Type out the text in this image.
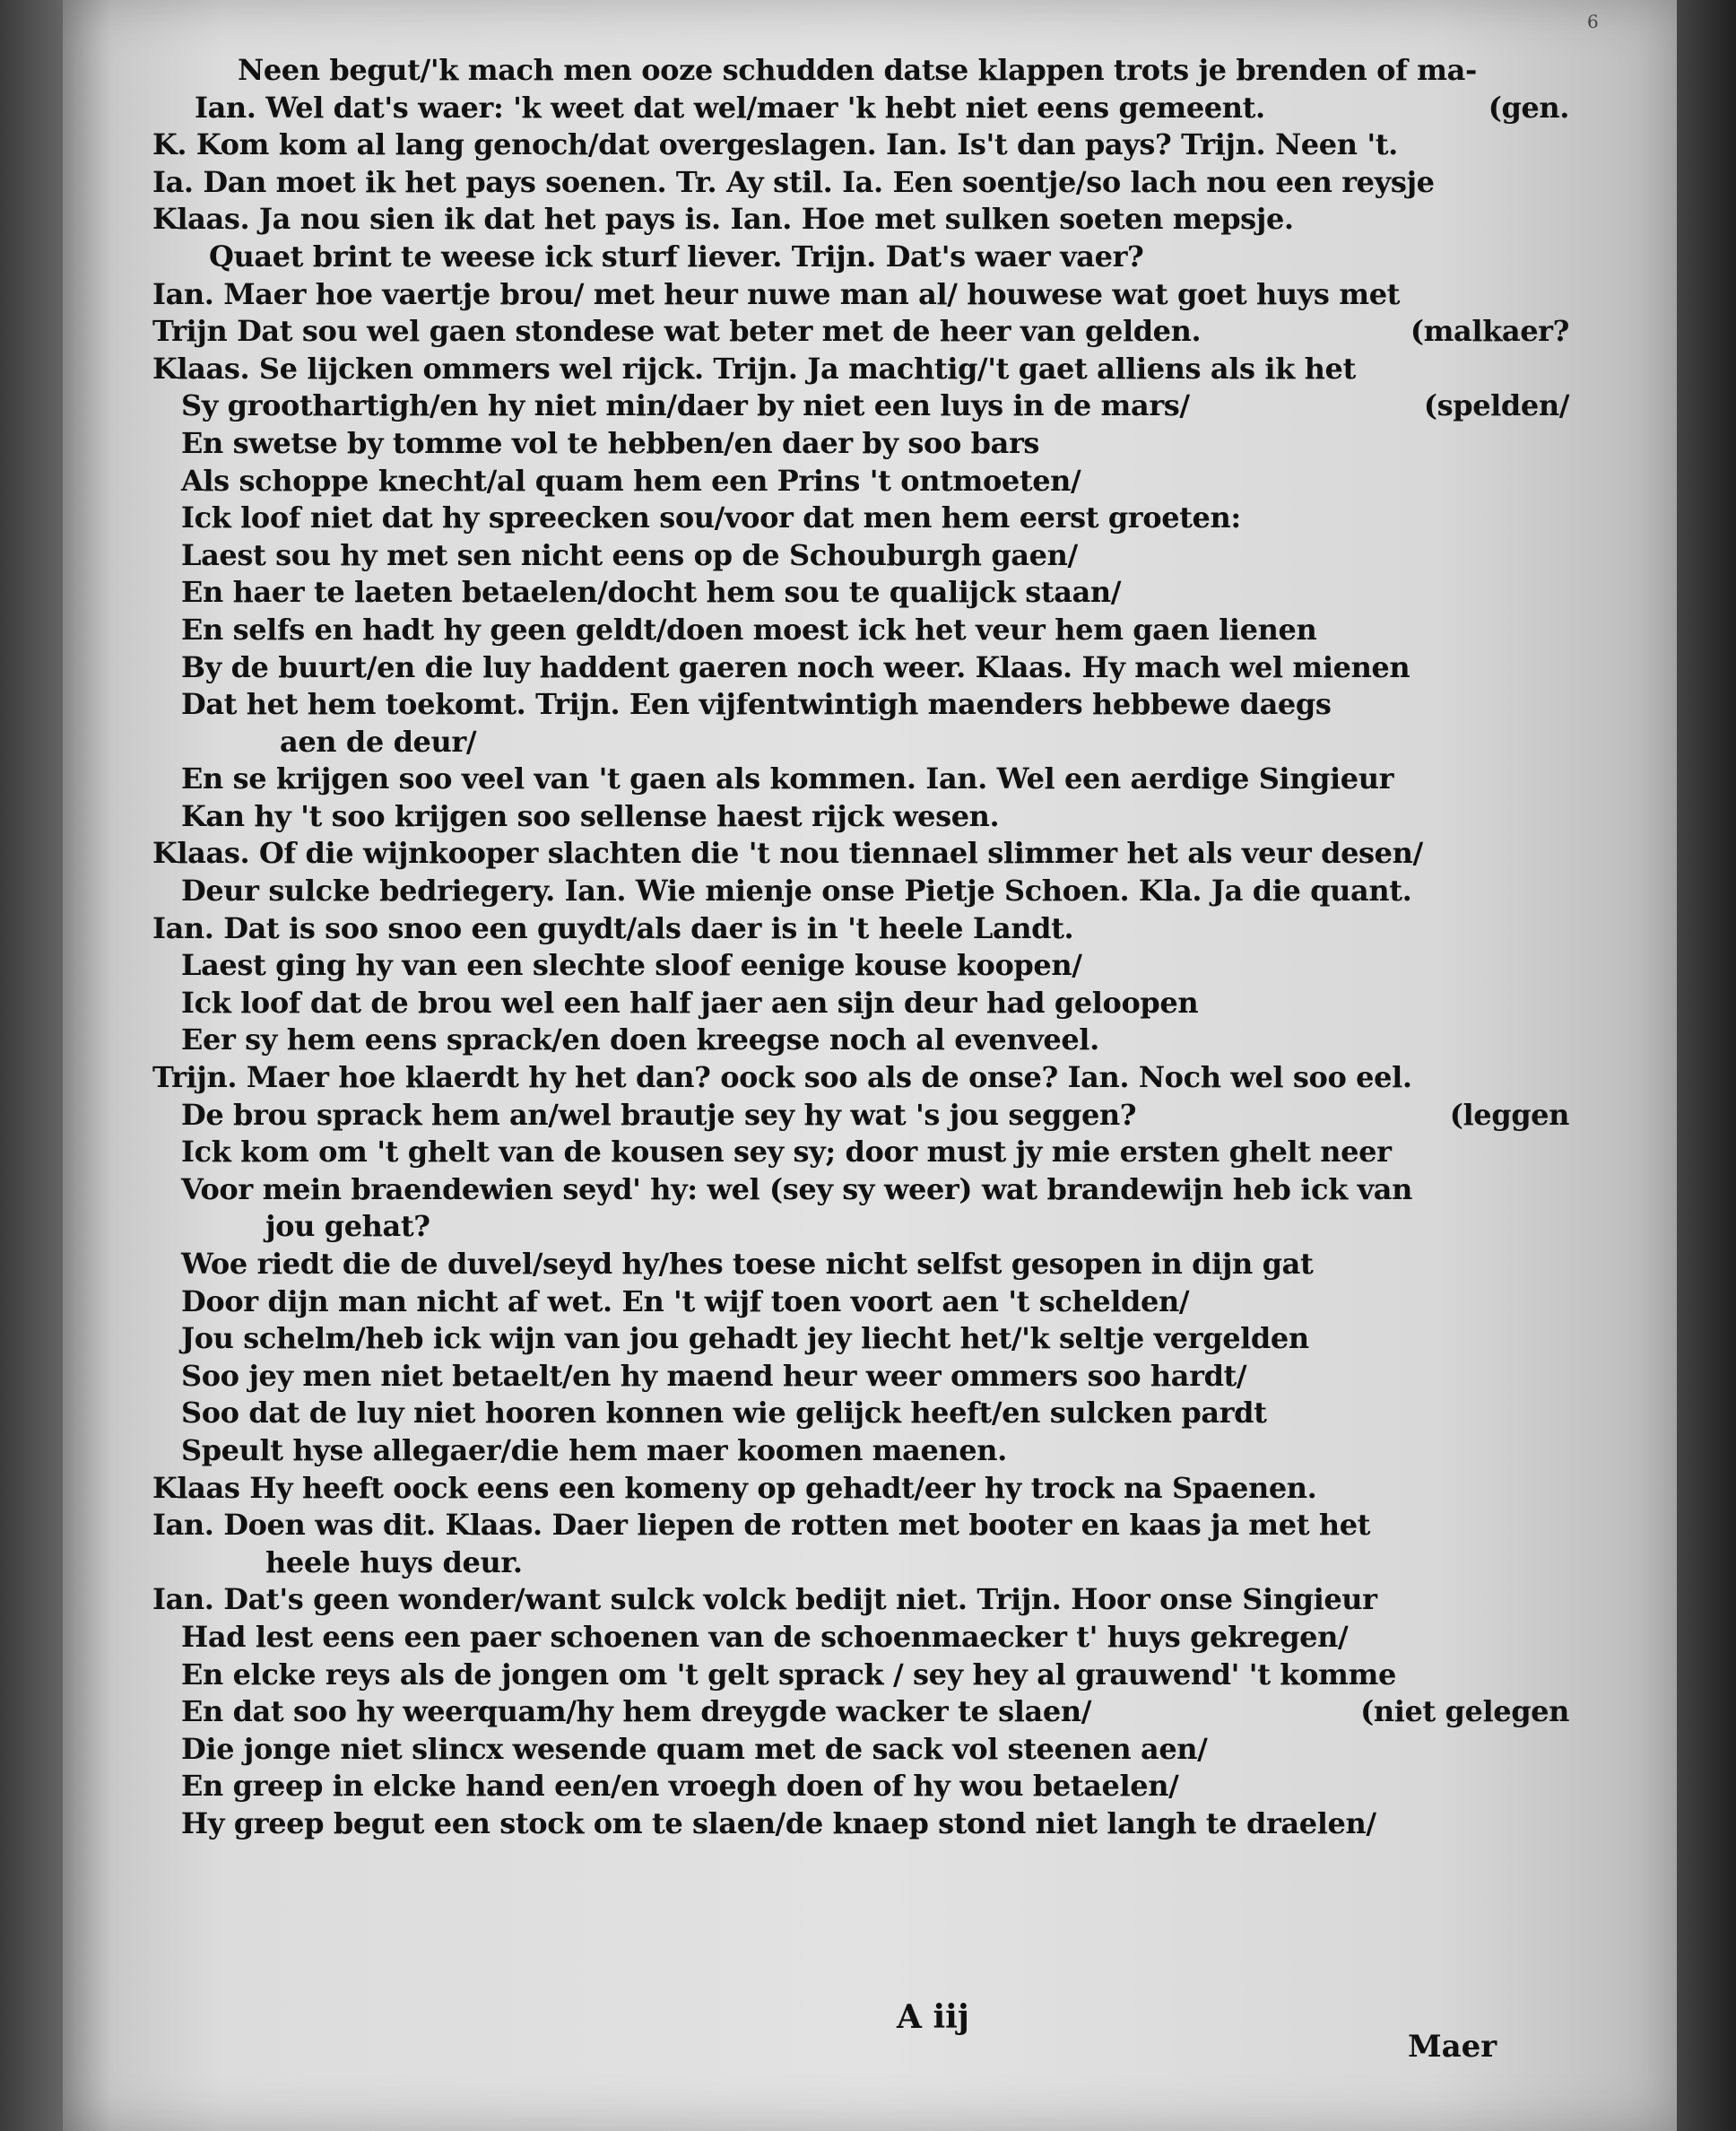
6
Neen begut/'k mach men ooze schudden datse klappen trots je brenden of ma-
Ian. Wel dat's waer: 'k weet dat wel/maer 'k hebt niet eens gemeent.	(gen.
K. Kom kom al lang genoch/dat overgeslagen. Ian. Is't dan pays? Trijn. Neen 't.
Ia. Dan moet ik het pays soenen. Tr. Ay stil. Ia. Een soentje/so lach nou een reysje
Klaas. Ja nou sien ik dat het pays is. Ian. Hoe met sulken soeten mepsje.
Quaet brint te weese ick sturf liever. Trijn. Dat's waer vaer?
Ian. Maer hoe vaertje brou/ met heur nuwe man al/ houwese wat goet huys met
Trijn Dat sou wel gaen stondese wat beter met de heer van gelden.	(malkaer?
Klaas. Se lijcken ommers wel rijck. Trijn. Ja machtig/'t gaet alliens als ik het
Sy groothartigh/en hy niet min/daer by niet een luys in de mars/	(spelden/
En swetse by tomme vol te hebben/en daer by soo bars
Als schoppe knecht/al quam hem een Prins 't ontmoeten/
Ick loof niet dat hy spreecken sou/voor dat men hem eerst groeten:
Laest sou hy met sen nicht eens op de Schouburgh gaen/
En haer te laeten betaelen/docht hem sou te qualijck staan/
En selfs en hadt hy geen geldt/doen moest ick het veur hem gaen lienen
By de buurt/en die luy haddent gaeren noch weer. Klaas. Hy mach wel mienen
Dat het hem toekomt. Trijn. Een vijfentwintigh maenders hebbewe daegs
aen de deur/
En se krijgen soo veel van 't gaen als kommen. Ian. Wel een aerdige Singieur
Kan hy 't soo krijgen soo sellense haest rijck wesen.
Klaas. Of die wijnkooper slachten die 't nou tiennael slimmer het als veur desen/
Deur sulcke bedriegery. Ian. Wie mienje onse Pietje Schoen. Kla. Ja die quant.
Ian. Dat is soo snoo een guydt/als daer is in 't heele Landt.
Laest ging hy van een slechte sloof eenige kouse koopen/
Ick loof dat de brou wel een half jaer aen sijn deur had geloopen
Eer sy hem eens sprack/en doen kreegse noch al evenveel.
Trijn. Maer hoe klaerdt hy het dan? oock soo als de onse? Ian. Noch wel soo eel.
De brou sprack hem an/wel brautje sey hy wat 's jou seggen?	(leggen
Ick kom om 't ghelt van de kousen sey sy; door must jy mie ersten ghelt neer
Voor mein braendewien seyd' hy: wel (sey sy weer) wat brandewijn heb ick van
jou gehat?
Woe riedt die de duvel/seyd hy/hes toese nicht selfst gesopen in dijn gat
Door dijn man nicht af wet. En 't wijf toen voort aen 't schelden/
Jou schelm/heb ick wijn van jou gehadt jey liecht het/'k seltje vergelden
Soo jey men niet betaelt/en hy maend heur weer ommers soo hardt/
Soo dat de luy niet hooren konnen wie gelijck heeft/en sulcken pardt
Speult hyse allegaer/die hem maer koomen maenen.
Klaas Hy heeft oock eens een komeny op gehadt/eer hy trock na Spaenen.
Ian. Doen was dit. Klaas. Daer liepen de rotten met booter en kaas ja met het
heele huys deur.
Ian. Dat's geen wonder/want sulck volck bedijt niet. Trijn. Hoor onse Singieur
Had lest eens een paer schoenen van de schoenmaecker t' huys gekregen/
En elcke reys als de jongen om 't gelt sprack / sey hey al grauwend' 't komme
En dat soo hy weerquam/hy hem dreygde wacker te slaen/	(niet gelegen
Die jonge niet slincx wesende quam met de sack vol steenen aen/
En greep in elcke hand een/en vroegh doen of hy wou betaelen/
Hy greep begut een stock om te slaen/de knaep stond niet langh te draelen/
A iij
Maer
